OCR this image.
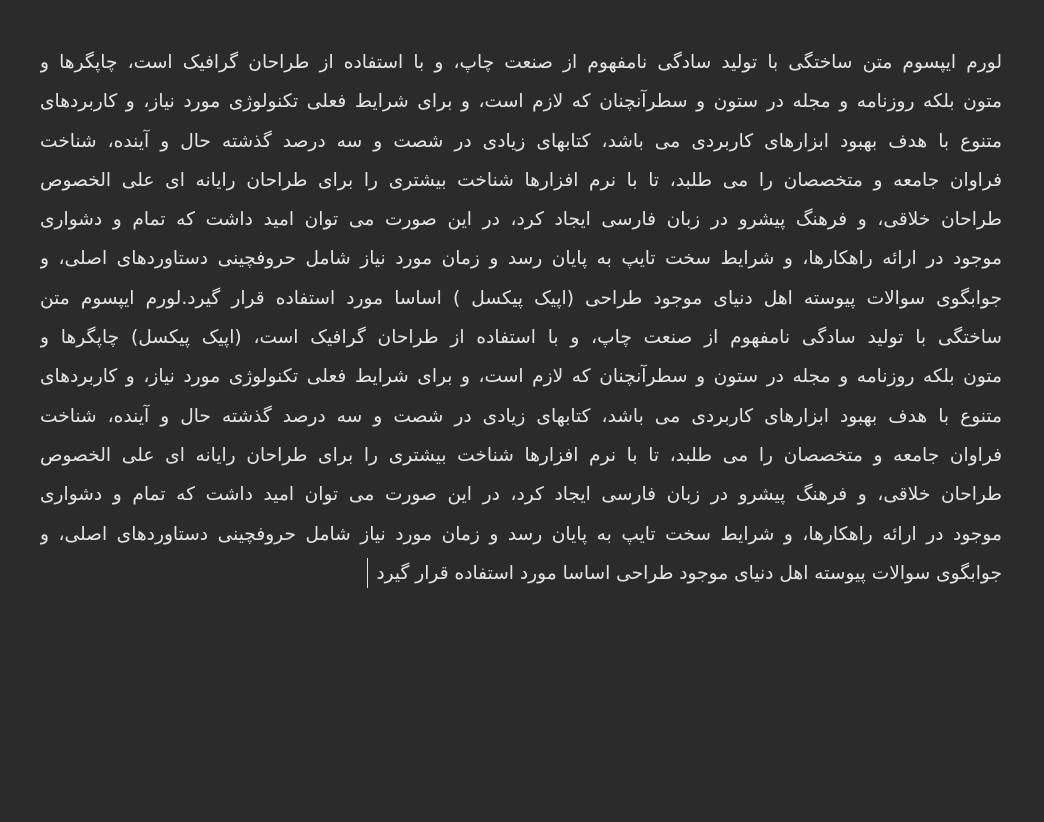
لورم ایپسوم متن ساختگی با تولید سادگی نامفهوم از صنعت چاپ، و با استفاده از طراحان گرافیک است، چاپگرها و
متون بلکه روزنامه و مجله در ستون و سطرآنچنان که لازم است، و برای شرایط فعلی تکنولوژی مورد نیاز، و کاربردهای
متنوع با هدف بهبود ابزارهای کاربردی می باشد، کتابهای زیادی در شصت و سه درصد گذشته حال و آینده، شناخت
فراوان جامعه و متخصصان را می طلبد، تا با نرم افزارها شناخت بیشتری را برای طراحان رایانه ای علی الخصوص
طراحان خلاقی، و فرهنگ پیشرو در زبان فارسی ایجاد کرد، در این صورت می توان امید داشت که تمام و دشواری
موجود در ارائه راهکارها، و شرایط سخت تایپ به پایان رسد و زمان مورد نیاز شامل حروفچینی دستاوردهای اصلی، و
جوابگوی سوالات پیوسته اهل دنیای موجود طراحی (اپیک پیکسل ) اساسا مورد استفاده قرار گیرد.لورم ایپسوم متن
ساختگی با تولید سادگی نامفهوم از صنعت چاپ، و با استفاده از طراحان گرافیک است، (اپیک پیکسل) چاپگرها و
متون بلکه روزنامه و مجله در ستون و سطرآنچنان که لازم است، و برای شرایط فعلی تکنولوژی مورد نیاز، و کاربردهای
متنوع با هدف بهبود ابزارهای کاربردی می باشد، کتابهای زیادی در شصت و سه درصد گذشته حال و آینده، شناخت
فراوان جامعه و متخصصان را می طلبد، تا با نرم افزارها شناخت بیشتری را برای طراحان رایانه ای علی الخصوص
طراحان خلاقی، و فرهنگ پیشرو در زبان فارسی ایجاد کرد، در این صورت می توان امید داشت که تمام و دشواری
موجود در ارائه راهکارها، و شرایط سخت تایپ به پایان رسد و زمان مورد نیاز شامل حروفچینی دستاوردهای اصلی، و
جوابگوی سوالات پیوسته اهل دنیای موجود طراحی اساسا مورد استفاده قرار گیرد
